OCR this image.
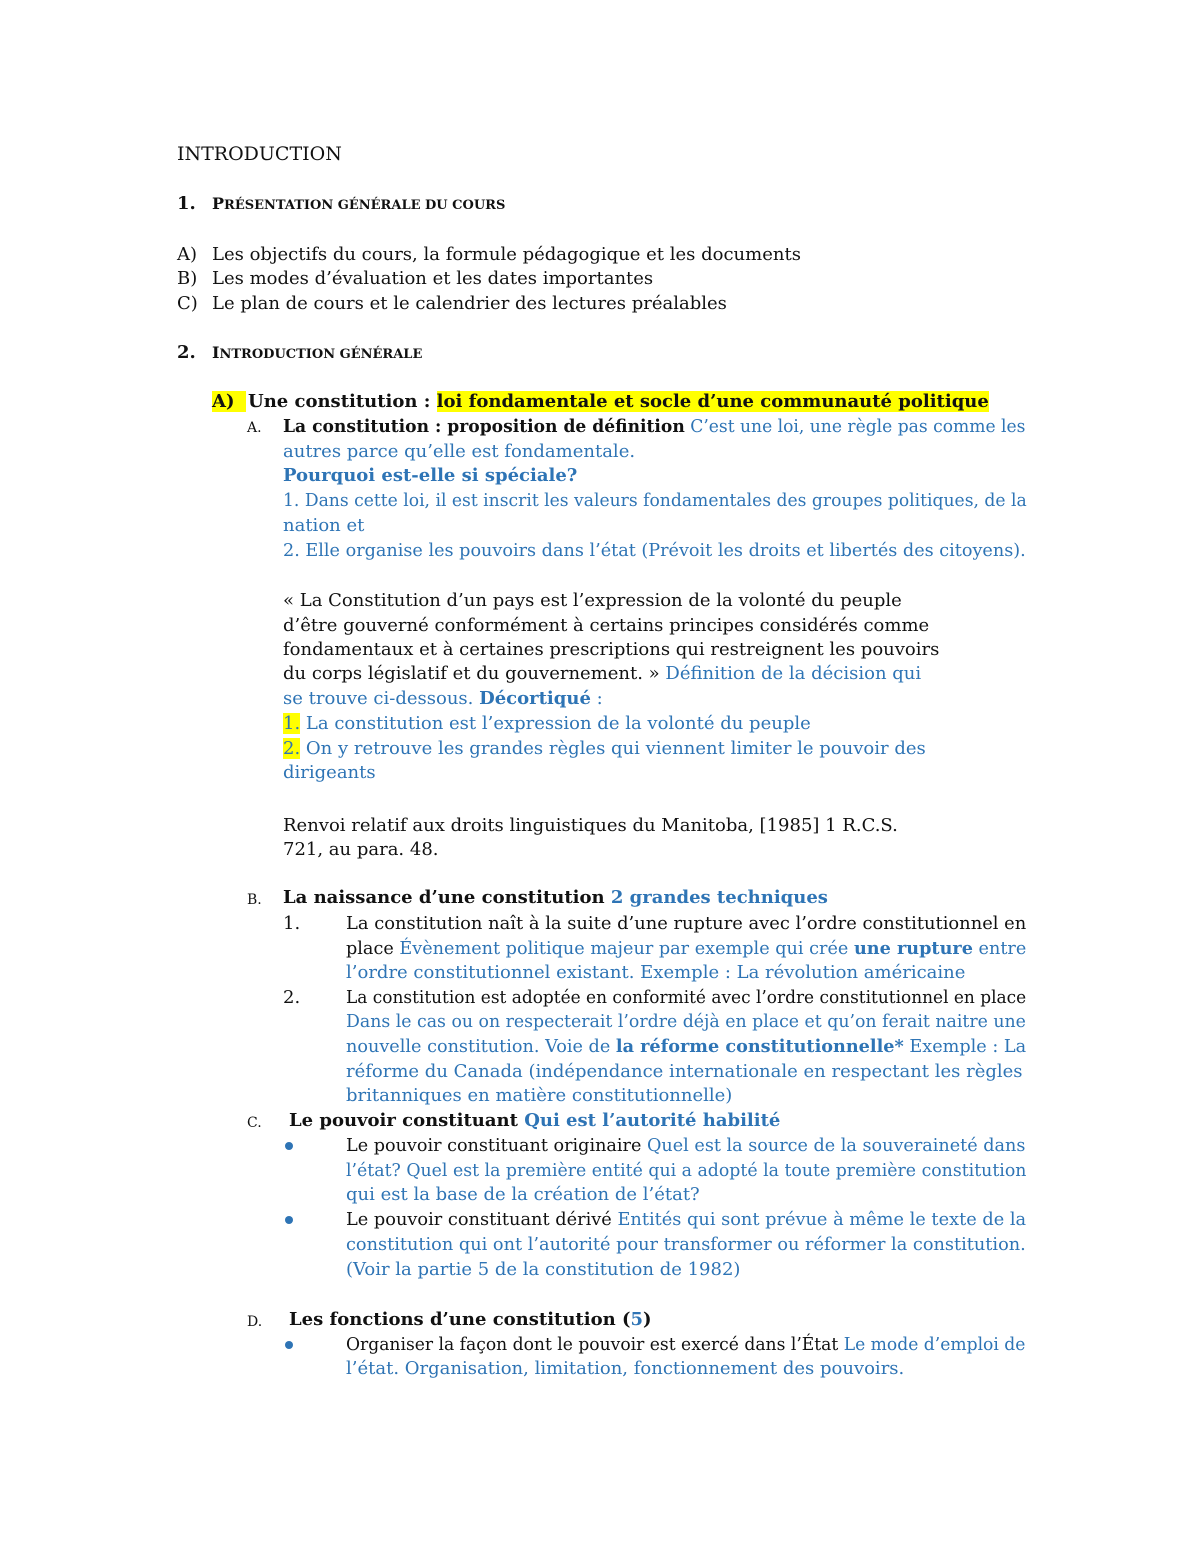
INTRODUCTION
1. PRÉSENTATION GÉNÉRALE DU COURS
A) Les objectifs du cours, la formule pédagogique et les documents
B) Les modes d’évaluation et les dates importantes
C) Le plan de cours et le calendrier des lectures préalables
2. INTRODUCTION GÉNÉRALE
A) Une constitution : loi fondamentale et socle d’une communauté politique
A. La constitution : proposition de définition C’est une loi, une règle pas comme les
autres parce qu’elle est fondamentale.
Pourquoi est-elle si spéciale?
1. Dans cette loi, il est inscrit les valeurs fondamentales des groupes politiques, de la
nation et
2. Elle organise les pouvoirs dans l’état (Prévoit les droits et libertés des citoyens).
« La Constitution d’un pays est l’expression de la volonté du peuple
d’être gouverné conformément à certains principes considérés comme
fondamentaux et à certaines prescriptions qui restreignent les pouvoirs
du corps législatif et du gouvernement. » Définition de la décision qui
se trouve ci-dessous. Décortiqué :
1. La constitution est l’expression de la volonté du peuple
2. On y retrouve les grandes règles qui viennent limiter le pouvoir des
dirigeants
Renvoi relatif aux droits linguistiques du Manitoba, [1985] 1 R.C.S.
721, au para. 48.
B. La naissance d’une constitution 2 grandes techniques
1.	La constitution naît à la suite d’une rupture avec l’ordre constitutionnel en
place Évènement politique majeur par exemple qui crée une rupture entre
l’ordre constitutionnel existant. Exemple : La révolution américaine
2.	La constitution est adoptée en conformité avec l’ordre constitutionnel en place
Dans le cas ou on respecterait l’ordre déjà en place et qu’on ferait naitre une
nouvelle constitution. Voie de la réforme constitutionnelle* Exemple : La
réforme du Canada (indépendance internationale en respectant les règles
britanniques en matière constitutionnelle)
C. Le pouvoir constituant Qui est l’autorité habilité
Le pouvoir constituant originaire Quel est la source de la souveraineté dans
l’état? Quel est la première entité qui a adopté la toute première constitution
qui est la base de la création de l’état?
Le pouvoir constituant dérivé Entités qui sont prévue à même le texte de la
constitution qui ont l’autorité pour transformer ou réformer la constitution.
(Voir la partie 5 de la constitution de 1982)
D. Les fonctions d’une constitution (5)
Organiser la façon dont le pouvoir est exercé dans l’État Le mode d’emploi de
l’état. Organisation, limitation, fonctionnement des pouvoirs.
